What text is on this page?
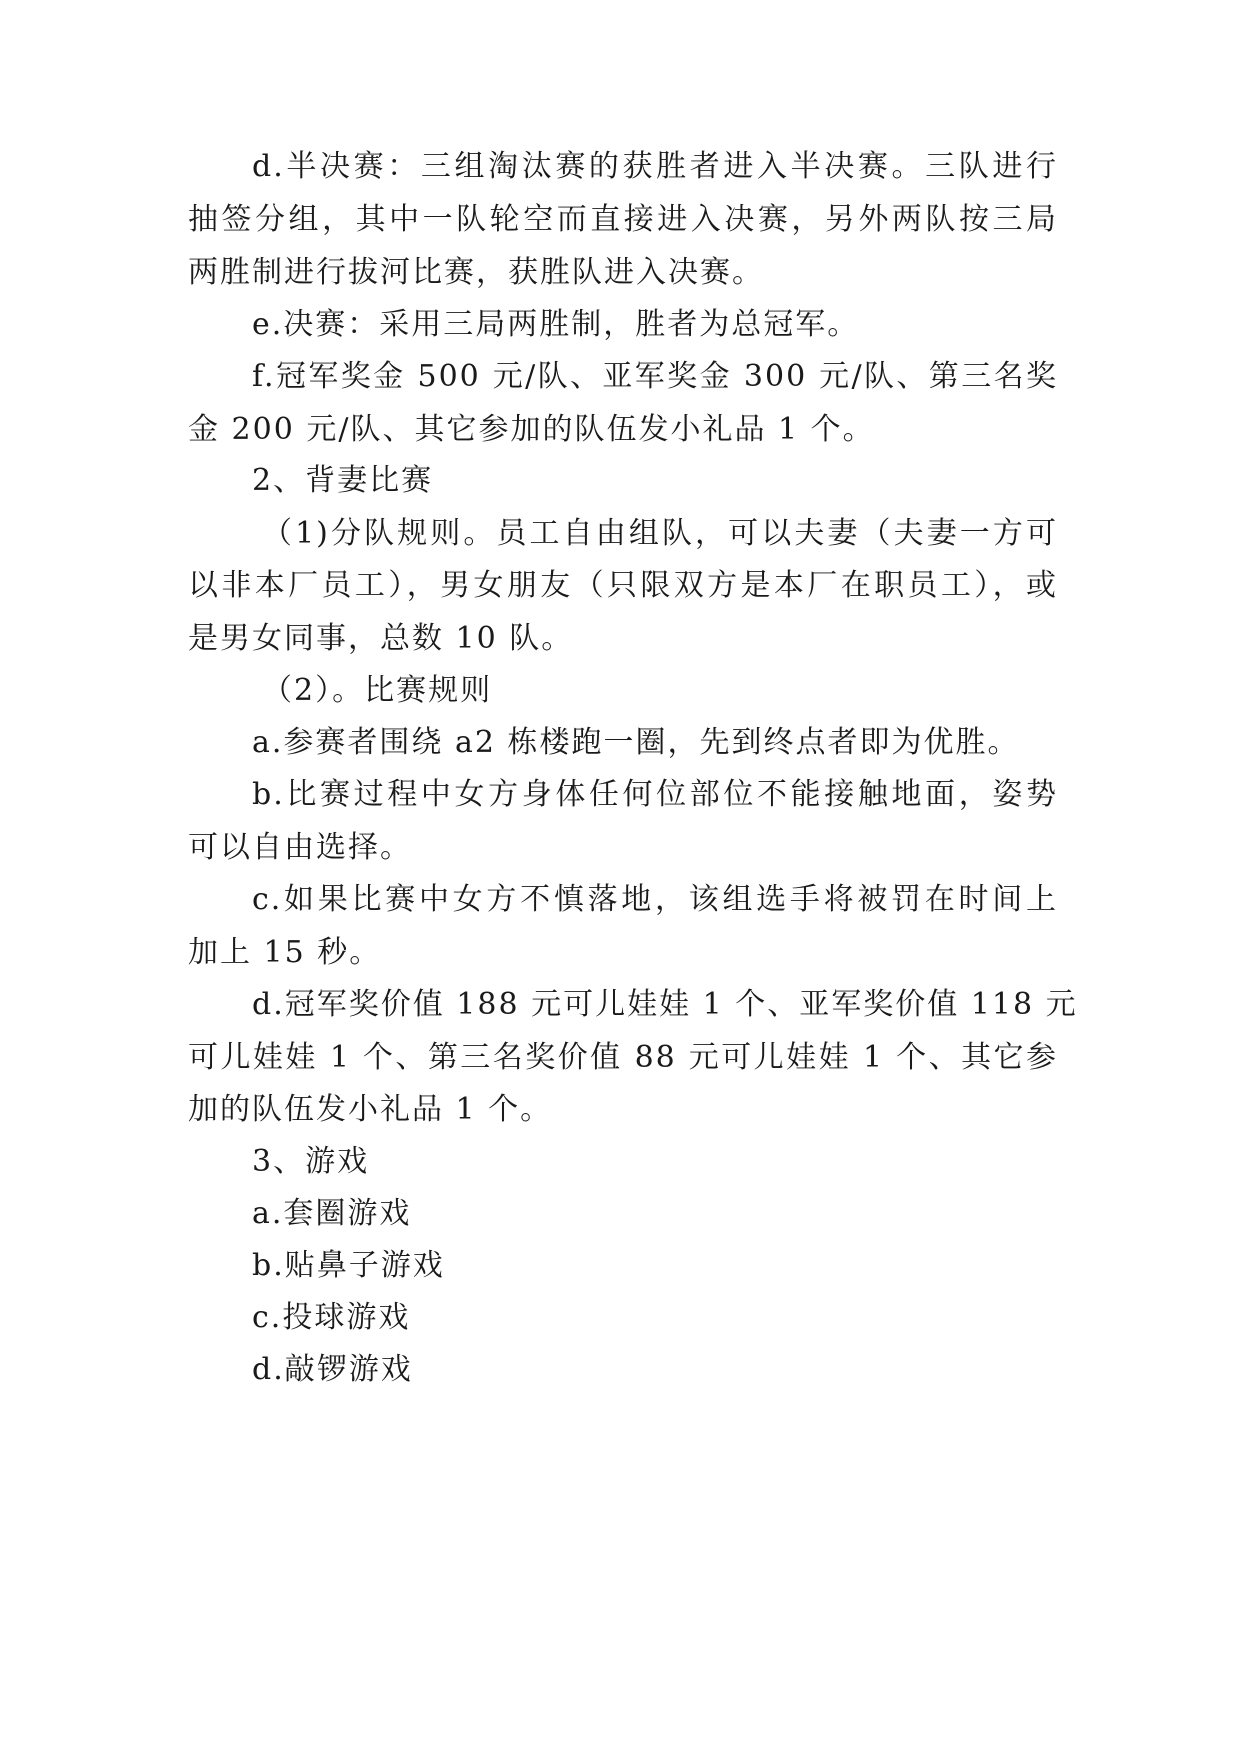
d.半决赛：三组淘汰赛的获胜者进入半决赛。三队进行
抽签分组，其中一队轮空而直接进入决赛，另外两队按三局
两胜制进行拔河比赛，获胜队进入决赛。
e.决赛：采用三局两胜制，胜者为总冠军。
f.冠军奖金 500 元/队、亚军奖金 300 元/队、第三名奖
金 200 元/队、其它参加的队伍发小礼品 1 个。
2、背妻比赛
（1)分队规则。员工自由组队，可以夫妻（夫妻一方可
以非本厂员工），男女朋友（只限双方是本厂在职员工），或
是男女同事，总数 10 队。
（2）。比赛规则
a.参赛者围绕 a2 栋楼跑一圈，先到终点者即为优胜。
b.比赛过程中女方身体任何位部位不能接触地面，姿势
可以自由选择。
c.如果比赛中女方不慎落地，该组选手将被罚在时间上
加上 15 秒。
d.冠军奖价值 188 元可儿娃娃 1 个、亚军奖价值 118 元
可儿娃娃 1 个、第三名奖价值 88 元可儿娃娃 1 个、其它参
加的队伍发小礼品 1 个。
3、游戏
a.套圈游戏
b.贴鼻子游戏
c.投球游戏
d.敲锣游戏
